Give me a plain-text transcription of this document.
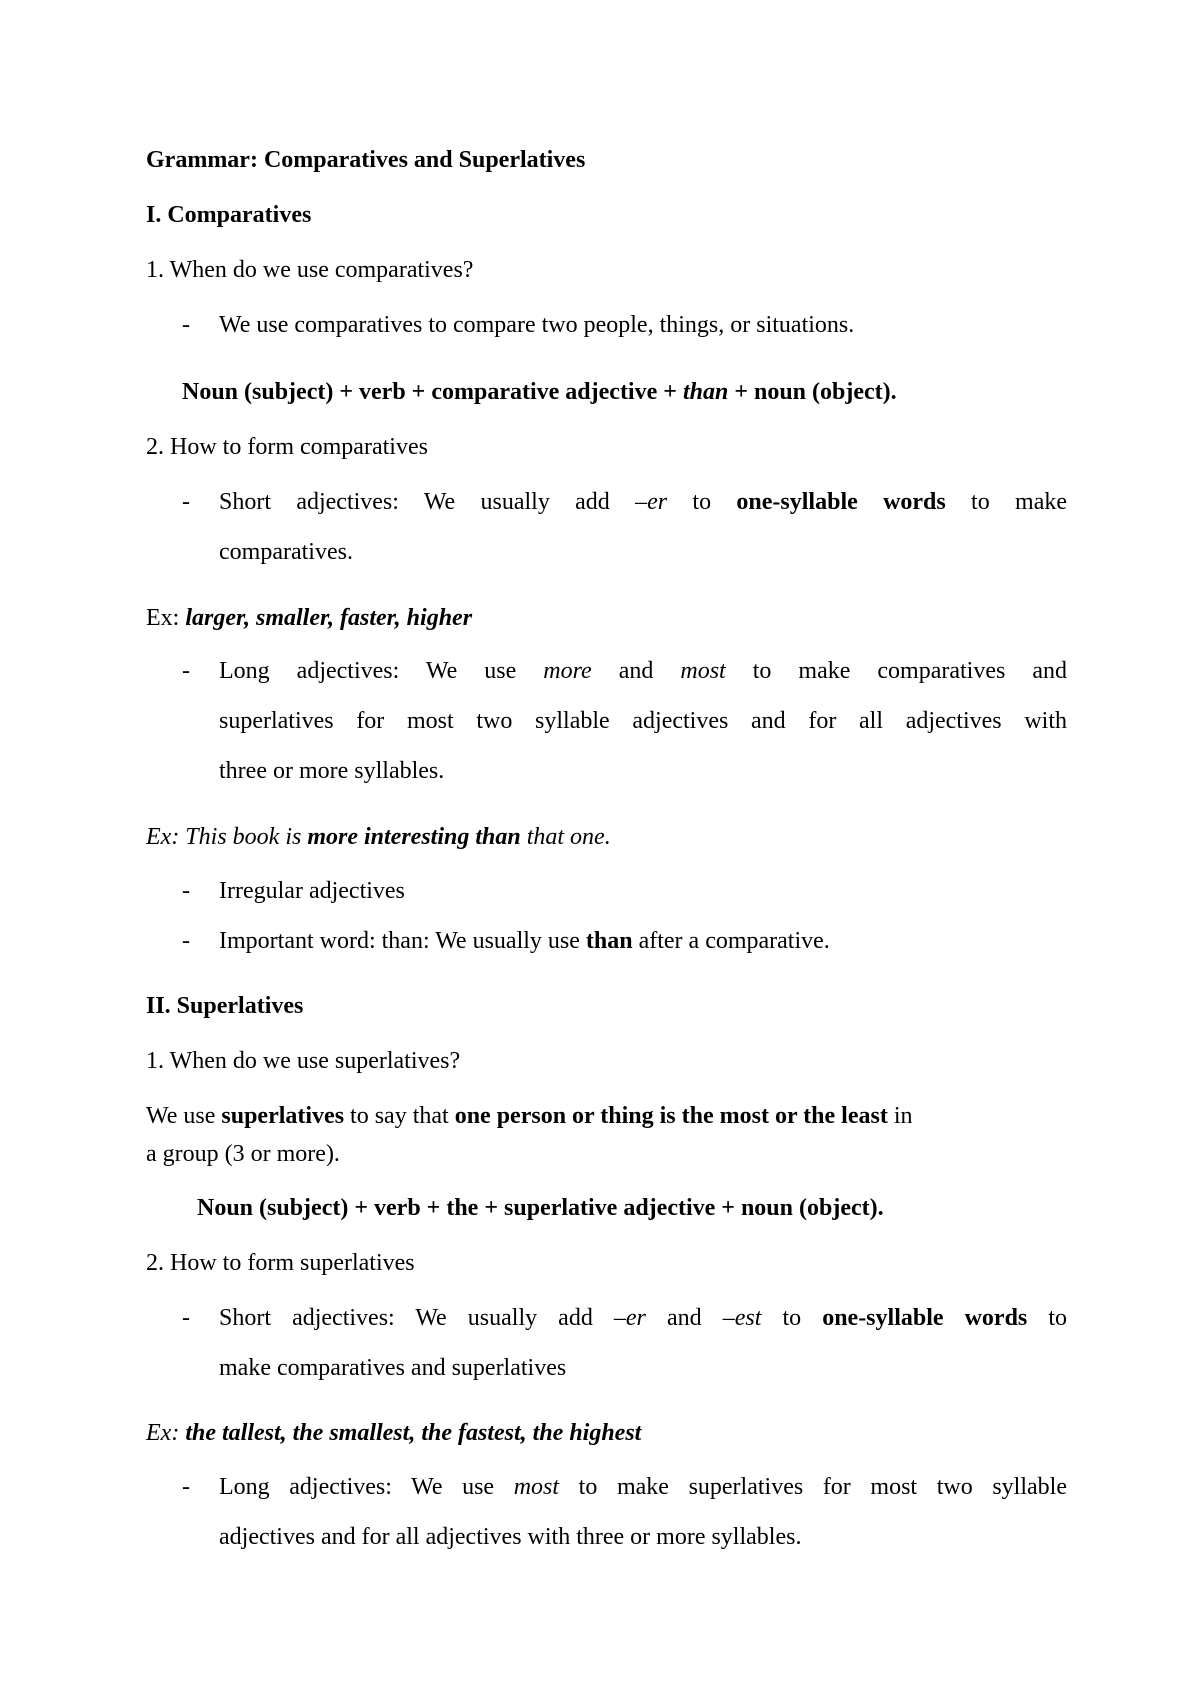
Grammar: Comparatives and Superlatives
I. Comparatives
1. When do we use comparatives?
- We use comparatives to compare two people, things, or situations.
Noun (subject) + verb + comparative adjective + than + noun (object).
2. How to form comparatives
- Short adjectives: We usually add –er to one-syllable words to make
comparatives.
Ex: larger, smaller, faster, higher
- Long adjectives: We use more and most to make comparatives and
superlatives for most two syllable adjectives and for all adjectives with
three or more syllables.
Ex: This book is more interesting than that one.
- Irregular adjectives
- Important word: than: We usually use than after a comparative.
II. Superlatives
1. When do we use superlatives?
We use superlatives to say that one person or thing is the most or the least in
a group (3 or more).
Noun (subject) + verb + the + superlative adjective + noun (object).
2. How to form superlatives
- Short adjectives: We usually add –er and –est to one-syllable words to
make comparatives and superlatives
Ex: the tallest, the smallest, the fastest, the highest
- Long adjectives: We use most to make superlatives for most two syllable
adjectives and for all adjectives with three or more syllables.
